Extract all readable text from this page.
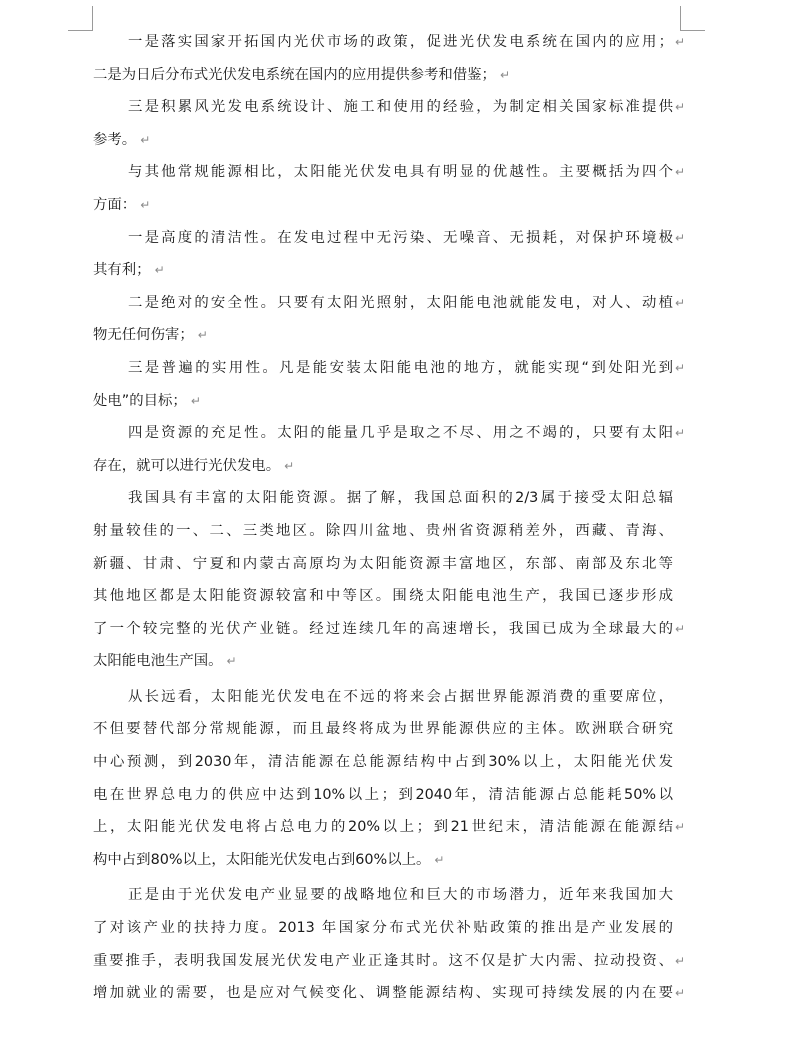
一是落实国家开拓国内光伏市场的政策，促进光伏发电系统在国内的应用； ↵
二是为日后分布式光伏发电系统在国内的应用提供参考和借鉴； ↵
三是积累风光发电系统设计、施工和使用的经验，为制定相关国家标准提供 ↵
参考。 ↵
与其他常规能源相比，太阳能光伏发电具有明显的优越性。主要概括为四个 ↵
方面： ↵
一是高度的清洁性。在发电过程中无污染、无噪音、无损耗，对保护环境极 ↵
其有利； ↵
二是绝对的安全性。只要有太阳光照射，太阳能电池就能发电，对人、动植 ↵
物无任何伤害； ↵
三是普遍的实用性。凡是能安装太阳能电池的地方，就能实现“到处阳光到 ↵
处电”的目标； ↵
四是资源的充足性。太阳的能量几乎是取之不尽、用之不竭的，只要有太阳 ↵
存在，就可以进行光伏发电。 ↵
我国具有丰富的太阳能资源。据了解，我国总面积的2/3属于接受太阳总辐
射量较佳的一、二、三类地区。除四川盆地、贵州省资源稍差外，西藏、青海、
新疆、甘肃、宁夏和内蒙古高原均为太阳能资源丰富地区，东部、南部及东北等
其他地区都是太阳能资源较富和中等区。围绕太阳能电池生产，我国已逐步形成
了一个较完整的光伏产业链。经过连续几年的高速增长，我国已成为全球最大的 ↵
太阳能电池生产国。 ↵
从长远看，太阳能光伏发电在不远的将来会占据世界能源消费的重要席位，
不但要替代部分常规能源，而且最终将成为世界能源供应的主体。欧洲联合研究
中心预测，到2030年，清洁能源在总能源结构中占到30%以上，太阳能光伏发
电在世界总电力的供应中达到10%以上；到2040年，清洁能源占总能耗50%以
上，太阳能光伏发电将占总电力的20%以上；到21世纪末，清洁能源在能源结 ↵
构中占到80%以上，太阳能光伏发电占到60%以上。 ↵
正是由于光伏发电产业显要的战略地位和巨大的市场潜力，近年来我国加大
了对该产业的扶持力度。2013 年国家分布式光伏补贴政策的推出是产业发展的
重要推手，表明我国发展光伏发电产业正逢其时。这不仅是扩大内需、拉动投资、 ↵
增加就业的需要，也是应对气候变化、调整能源结构、实现可持续发展的内在要 ↵
